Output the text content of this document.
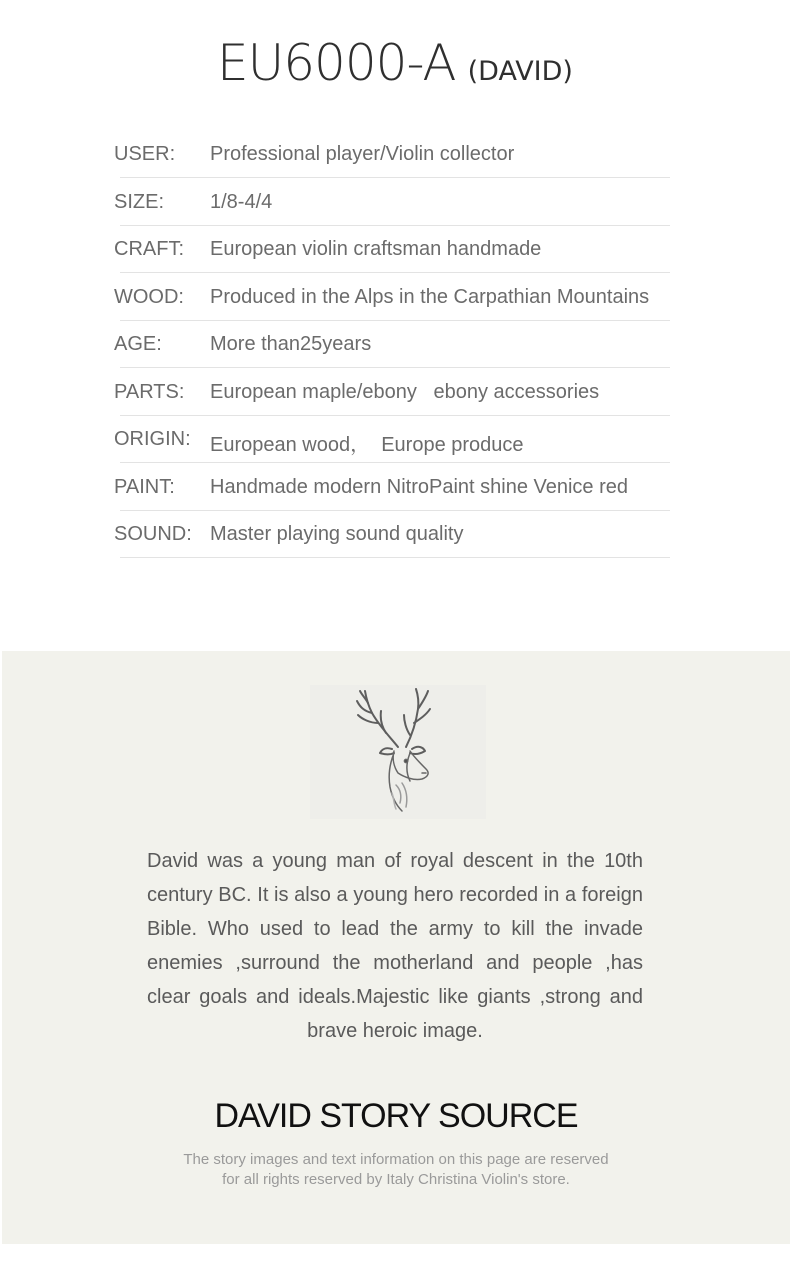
EU6000-A (DAVID)
USER: Professional player/Violin collector
SIZE: 1/8-4/4
CRAFT: European violin craftsman handmade
WOOD: Produced in the Alps in the Carpathian Mountains
AGE: More than25years
PARTS: European maple/ebony   ebony accessories
ORIGIN: European wood，  Europe produce
PAINT: Handmade modern NitroPaint shine Venice red
SOUND: Master playing sound quality
David was a young man of royal descent in the 10th century BC. It is also a young hero recorded in a foreign Bible. Who used to lead the army to kill the invade enemies ,surround the motherland and people ,has clear goals and ideals.Majestic like giants ,strong and brave heroic image.
DAVID STORY SOURCE
The story images and text information on this page are reserved
for all rights reserved by Italy Christina Violin's store.
